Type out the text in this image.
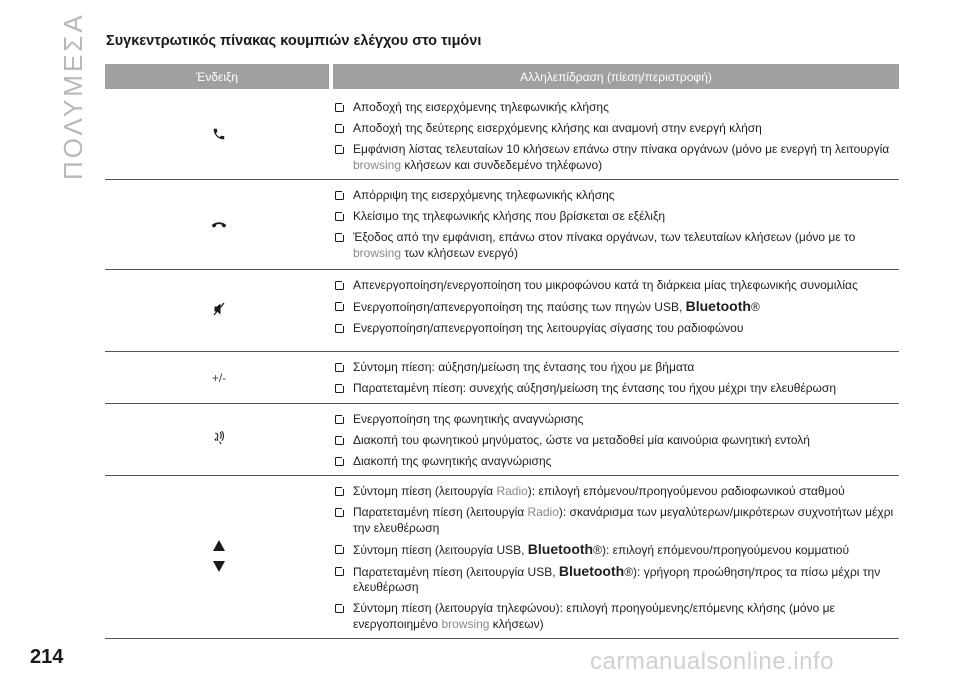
ΠΟΛΥΜΕΣΑ Συγκεντρωτικός πίνακας κουμπιών ελέγχου στο τιμόνι
Ένδειξη	Αλληλεπίδραση (πίεση/περιστροφή)
Αποδοχή της εισερχόμενης τηλεφωνικής κλήσης
Αποδοχή της δεύτερης εισερχόμενης κλήσης και αναμονή στην ενεργή κλήση
Εμφάνιση λίστας τελευταίων 10 κλήσεων επάνω στην πίνακα οργάνων (μόνο με ενεργή τη λειτουργία browsing κλήσεων και συνδεδεμένο τηλέφωνο)
Απόρριψη της εισερχόμενης τηλεφωνικής κλήσης
Κλείσιμο της τηλεφωνικής κλήσης που βρίσκεται σε εξέλιξη
Έξοδος από την εμφάνιση, επάνω στον πίνακα οργάνων, των τελευταίων κλήσεων (μόνο με το browsing των κλήσεων ενεργό)
Απενεργοποίηση/ενεργοποίηση του μικροφώνου κατά τη διάρκεια μίας τηλεφωνικής συνομιλίας
Ενεργοποίηση/απενεργοποίηση της παύσης των πηγών USB, Bluetooth®
Ενεργοποίηση/απενεργοποίηση της λειτουργίας σίγασης του ραδιοφώνου
+/-
Σύντομη πίεση: αύξηση/μείωση της έντασης του ήχου με βήματα
Παρατεταμένη πίεση: συνεχής αύξηση/μείωση της έντασης του ήχου μέχρι την ελευθέρωση
Ενεργοποίηση της φωνητικής αναγνώρισης
Διακοπή του φωνητικού μηνύματος, ώστε να μεταδοθεί μία καινούρια φωνητική εντολή
Διακοπή της φωνητικής αναγνώρισης
Σύντομη πίεση (λειτουργία Radio): επιλογή επόμενου/προηγούμενου ραδιοφωνικού σταθμού
Παρατεταμένη πίεση (λειτουργία Radio): σκανάρισμα των μεγαλύτερων/μικρότερων συχνοτήτων μέχρι την ελευθέρωση
Σύντομη πίεση (λειτουργία USB, Bluetooth®): επιλογή επόμενου/προηγούμενου κομματιού
Παρατεταμένη πίεση (λειτουργία USB, Bluetooth®): γρήγορη προώθηση/πρoς τα πίσω μέχρι την ελευθέρωση
Σύντομη πίεση (λειτουργία τηλεφώνου): επιλογή προηγούμενης/επόμενης κλήσης (μόνο με ενεργοποιημένο browsing κλήσεων)
214	carmanualsonline.info
